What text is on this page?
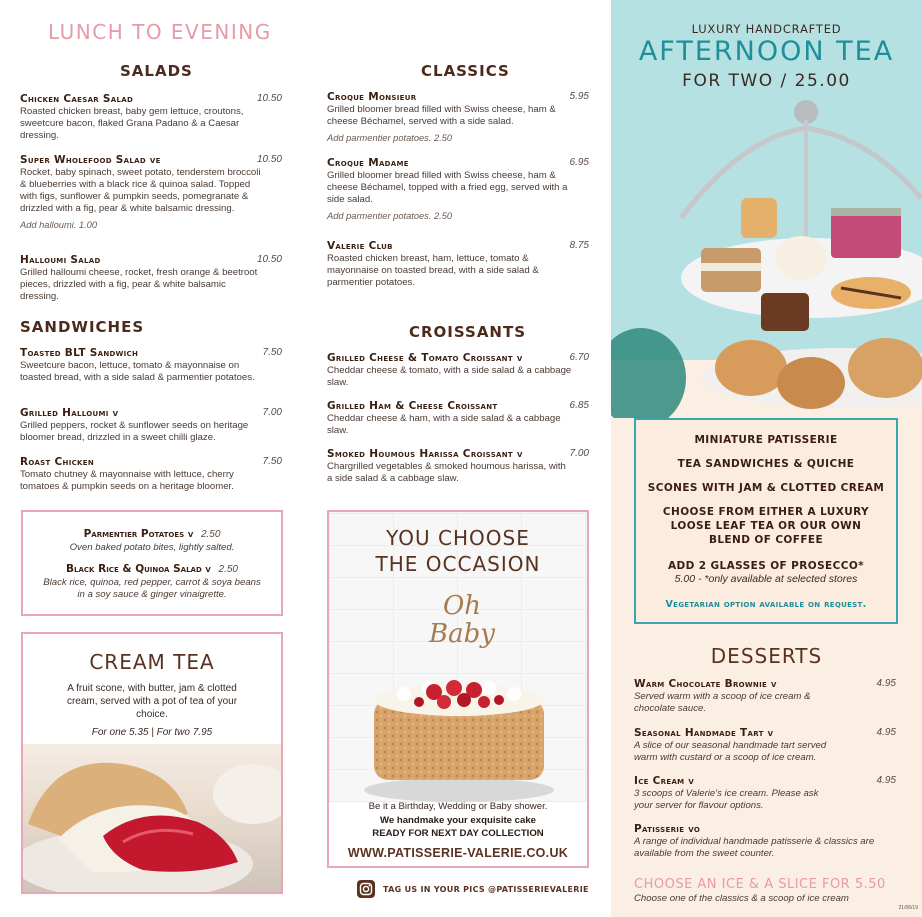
LUNCH TO EVENING
SALADS
Chicken Caesar Salad	10.50
Roasted chicken breast, baby gem lettuce, croutons, sweetcure bacon, flaked Grana Padano & a Caesar dressing.
Super Wholefood Salad ve	10.50
Rocket, baby spinach, sweet potato, tenderstem broccoli & blueberries with a black rice & quinoa salad. Topped with figs, sunflower & pumpkin seeds, pomegranate & drizzled with a fig, pear & white balsamic dressing.
Add halloumi. 1.00
Halloumi Salad	10.50
Grilled halloumi cheese, rocket, fresh orange & beetroot pieces, drizzled with a fig, pear & white balsamic dressing.
SANDWICHES
Toasted BLT Sandwich	7.50
Sweetcure bacon, lettuce, tomato & mayonnaise on toasted bread, with a side salad & parmentier potatoes.
Grilled Halloumi v	7.00
Grilled peppers, rocket & sunflower seeds on heritage bloomer bread, drizzled in a sweet chilli glaze.
Roast Chicken	7.50
Tomato chutney & mayonnaise with lettuce, cherry tomatoes & pumpkin seeds on a heritage bloomer.
Parmentier Potatoes v 2.50
Oven baked potato bites, lightly salted.
Black Rice & Quinoa Salad v 2.50
Black rice, quinoa, red pepper, carrot & soya beans in a soy sauce & ginger vinaigrette.
CREAM TEA
A fruit scone, with butter, jam & clotted cream, served with a pot of tea of your choice.
For one 5.35 | For two 7.95
CLASSICS
Croque Monsieur	5.95
Grilled bloomer bread filled with Swiss cheese, ham & cheese Béchamel, served with a side salad.
Add parmentier potatoes. 2.50
Croque Madame	6.95
Grilled bloomer bread filled with Swiss cheese, ham & cheese Béchamel, topped with a fried egg, served with a side salad.
Add parmentier potatoes. 2.50
Valerie Club	8.75
Roasted chicken breast, ham, lettuce, tomato & mayonnaise on toasted bread, with a side salad & parmentier potatoes.
CROISSANTS
Grilled Cheese & Tomato Croissant v	6.70
Cheddar cheese & tomato, with a side salad & a cabbage slaw.
Grilled Ham & Cheese Croissant	6.85
Cheddar cheese & ham, with a side salad & a cabbage slaw.
Smoked Houmous Harissa Croissant v	7.00
Chargrilled vegetables & smoked houmous harissa, with a side salad & a cabbage slaw.
YOU CHOOSE
THE OCCASION
Oh Baby
Be it a Birthday, Wedding or Baby shower.
We handmake your exquisite cake
READY FOR NEXT DAY COLLECTION
WWW.PATISSERIE-VALERIE.CO.UK
TAG US IN YOUR PICS @PATISSERIEVALERIE
LUXURY HANDCRAFTED
AFTERNOON TEA
FOR TWO / 25.00
MINIATURE PATISSERIE
TEA SANDWICHES & QUICHE
SCONES WITH JAM & CLOTTED CREAM
CHOOSE FROM EITHER A LUXURY LOOSE LEAF TEA OR OUR OWN BLEND OF COFFEE
ADD 2 GLASSES OF PROSECCO*
5.00 - *only available at selected stores
Vegetarian option available on request.
DESSERTS
Warm Chocolate Brownie v	4.95
Served warm with a scoop of ice cream & chocolate sauce.
Seasonal Handmade Tart v	4.95
A slice of our seasonal handmade tart served warm with custard or a scoop of ice cream.
Ice Cream v	4.95
3 scoops of Valerie's ice cream. Please ask your server for flavour options.
Patisserie vo
A range of individual handmade patisserie & classics are available from the sweet counter.
CHOOSE AN ICE & A SLICE FOR 5.50
Choose one of the classics & a scoop of ice cream
21/06/19
